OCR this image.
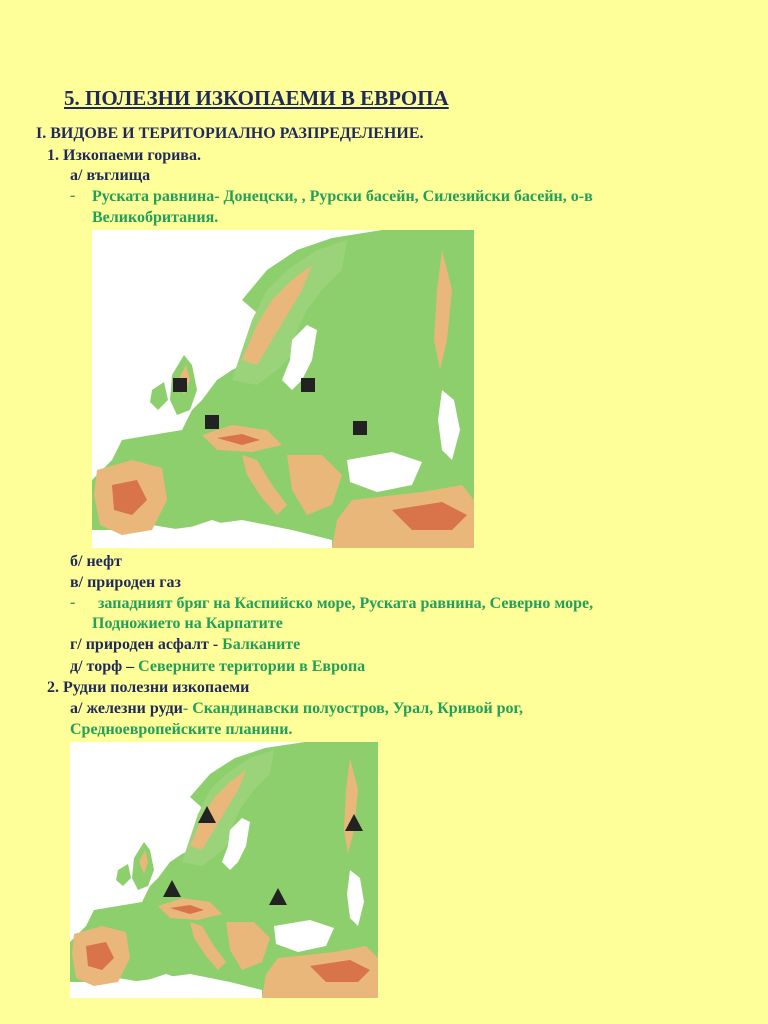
5. ПОЛЕЗНИ ИЗКОПАЕМИ В ЕВРОПА
I. ВИДОВЕ И ТЕРИТОРИАЛНО РАЗПРЕДЕЛЕНИЕ.
1. Изкопаеми горива.
а/ въглища
- Руската равнина- Донецски, , Рурски басейн, Силезийски басейн, о-в
Великобритания.
б/ нефт
в/ природен газ
- западният бряг на Каспийско море, Руската равнина, Северно море,
Подножието на Карпатите
г/ природен асфалт - Балканите
д/ торф – Северните територии в Европа
2. Рудни полезни изкопаеми
а/ железни руди- Скандинавски полуостров, Урал, Кривой рог,
Средноевропейските планини.
